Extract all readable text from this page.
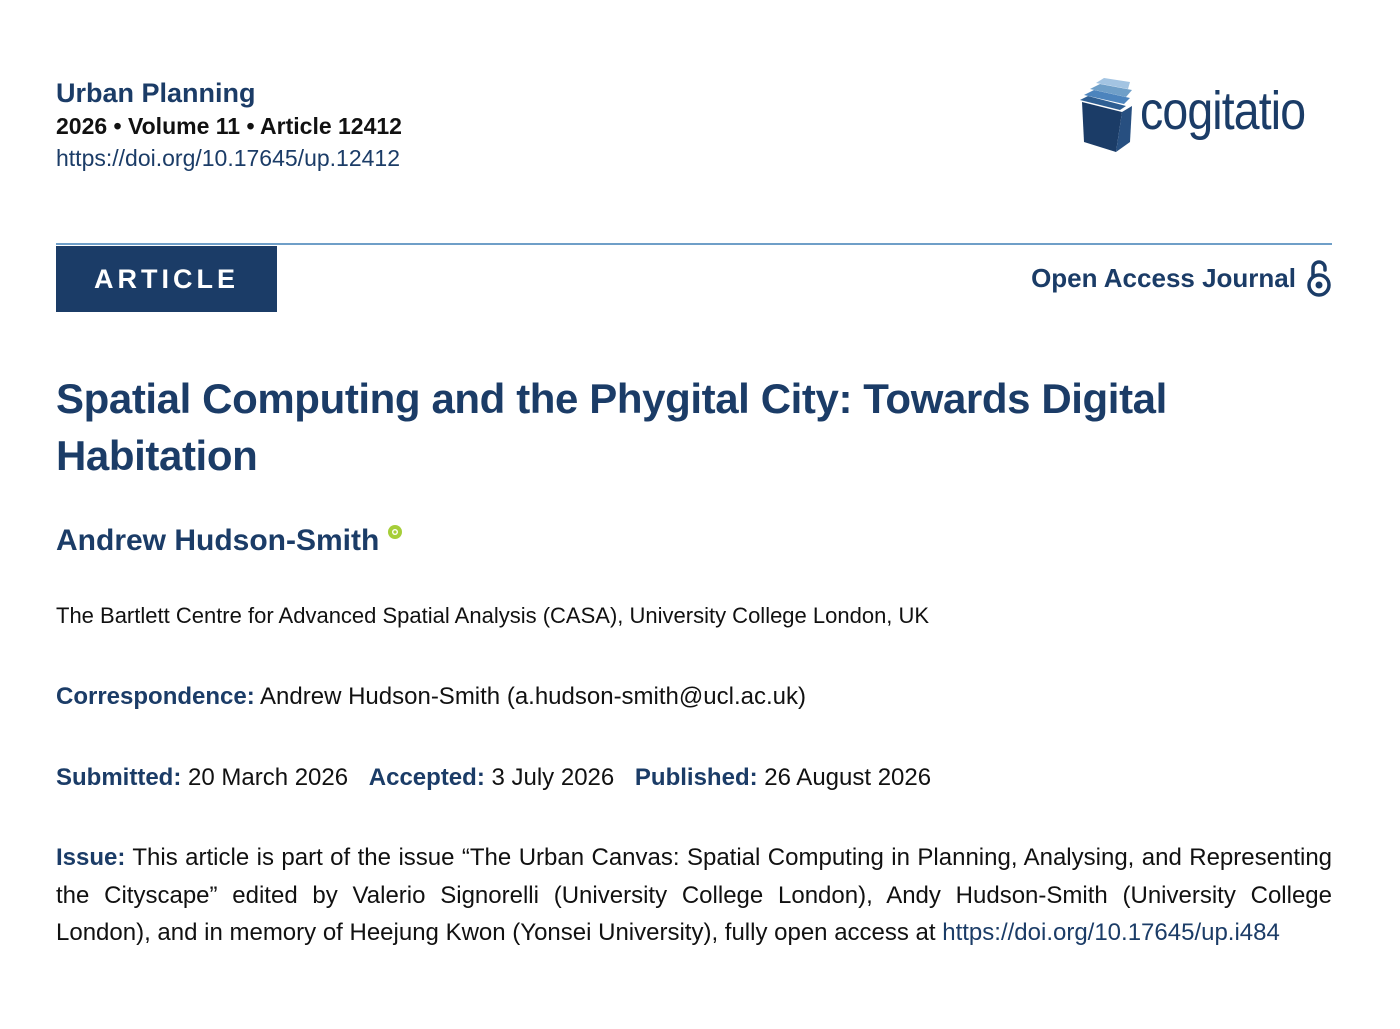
Urban Planning
2026 • Volume 11 • Article 12412
https://doi.org/10.17645/up.12412
cogitatio
ARTICLE	Open Access Journal
Spatial Computing and the Phygital City: Towards Digital Habitation
Andrew Hudson-Smith
The Bartlett Centre for Advanced Spatial Analysis (CASA), University College London, UK
Correspondence: Andrew Hudson-Smith (a.hudson-smith@ucl.ac.uk)
Submitted: 20 March 2026 Accepted: 3 July 2026 Published: 26 August 2026
Issue: This article is part of the issue “The Urban Canvas: Spatial Computing in Planning, Analysing, and Representing the Cityscape” edited by Valerio Signorelli (University College London), Andy Hudson-Smith (University College London), and in memory of Heejung Kwon (Yonsei University), fully open access at https://doi.org/10.17645/up.i484
